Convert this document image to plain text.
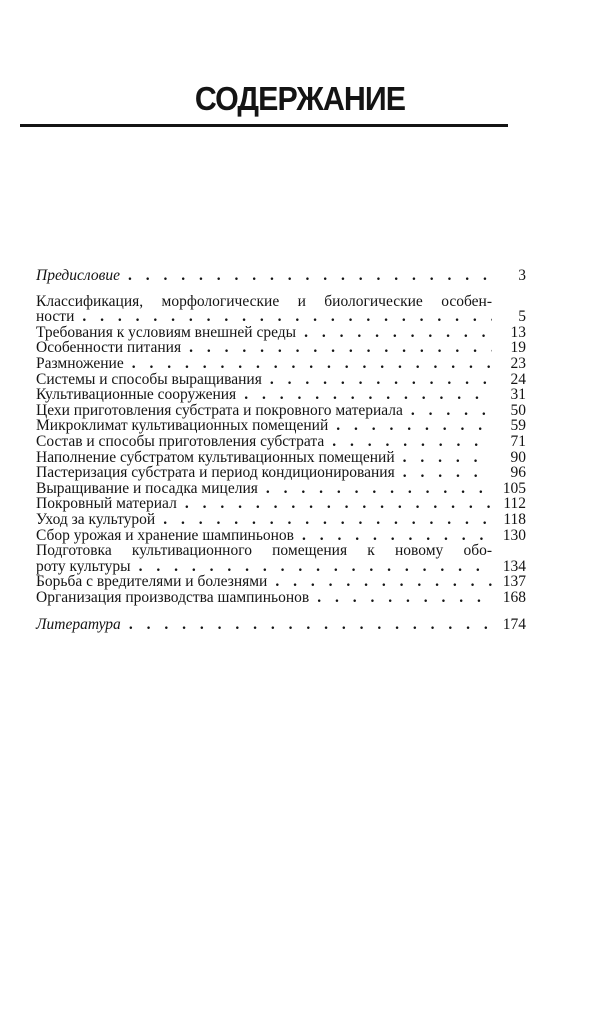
СОДЕРЖАНИЕ
Предисловие . . .	3
Классификация, морфологические и биологические особен-
ности . . .	5
Требования к условиям внешней среды . . .	13
Особенности питания . . .	19
Размножение . . .	23
Системы и способы выращивания . . .	24
Культивационные сооружения . . .	31
Цехи приготовления субстрата и покровного материала . . .	50
Микроклимат культивационных помещений . . .	59
Состав и способы приготовления субстрата . . .	71
Наполнение субстратом культивационных помещений . . .	90
Пастеризация субстрата и период кондиционирования . . .	96
Выращивание и посадка мицелия . . .	105
Покровный материал . . .	112
Уход за культурой . . .	118
Сбор урожая и хранение шампиньонов . . .	130
Подготовка культивационного помещения к новому обо-
роту культуры . . .	134
Борьба с вредителями и болезнями . . .	137
Организация производства шампиньонов . . .	168
Литература . . .	174
